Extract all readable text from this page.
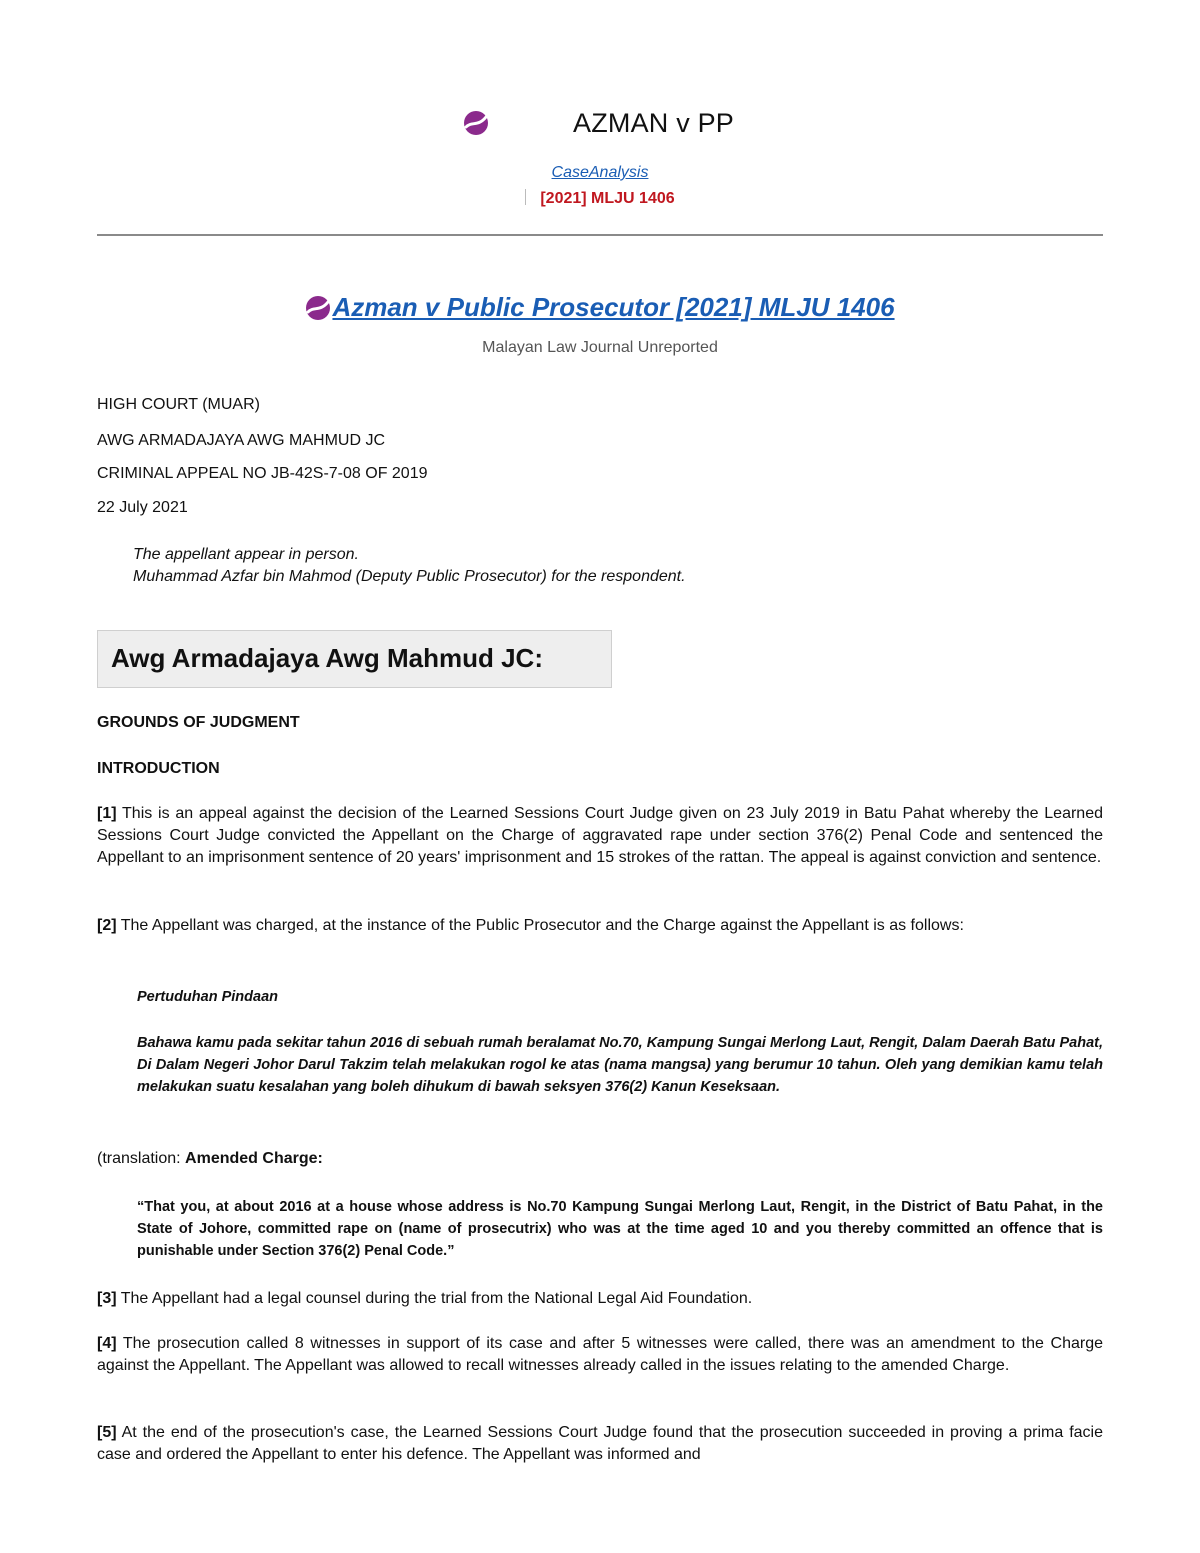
AZMAN v PP
CaseAnalysis
[2021] MLJU 1406
Azman v Public Prosecutor [2021] MLJU 1406
Malayan Law Journal Unreported
HIGH COURT (MUAR)
AWG ARMADAJAYA AWG MAHMUD JC
CRIMINAL APPEAL NO JB-42S-7-08 OF 2019
22 July 2021
The appellant appear in person.
Muhammad Azfar bin Mahmod (Deputy Public Prosecutor) for the respondent.
Awg Armadajaya Awg Mahmud JC:
GROUNDS OF JUDGMENT
INTRODUCTION
[1] This is an appeal against the decision of the Learned Sessions Court Judge given on 23 July 2019 in Batu Pahat whereby the Learned Sessions Court Judge convicted the Appellant on the Charge of aggravated rape under section 376(2) Penal Code and sentenced the Appellant to an imprisonment sentence of 20 years' imprisonment and 15 strokes of the rattan. The appeal is against conviction and sentence.
[2] The Appellant was charged, at the instance of the Public Prosecutor and the Charge against the Appellant is as follows:
Pertuduhan Pindaan
Bahawa kamu pada sekitar tahun 2016 di sebuah rumah beralamat No.70, Kampung Sungai Merlong Laut, Rengit, Dalam Daerah Batu Pahat, Di Dalam Negeri Johor Darul Takzim telah melakukan rogol ke atas (nama mangsa) yang berumur 10 tahun. Oleh yang demikian kamu telah melakukan suatu kesalahan yang boleh dihukum di bawah seksyen 376(2) Kanun Keseksaan.
(translation: Amended Charge:
“That you, at about 2016 at a house whose address is No.70 Kampung Sungai Merlong Laut, Rengit, in the District of Batu Pahat, in the State of Johore, committed rape on (name of prosecutrix) who was at the time aged 10 and you thereby committed an offence that is punishable under Section 376(2) Penal Code.”
[3] The Appellant had a legal counsel during the trial from the National Legal Aid Foundation.
[4] The prosecution called 8 witnesses in support of its case and after 5 witnesses were called, there was an amendment to the Charge against the Appellant. The Appellant was allowed to recall witnesses already called in the issues relating to the amended Charge.
[5] At the end of the prosecution's case, the Learned Sessions Court Judge found that the prosecution succeeded in proving a prima facie case and ordered the Appellant to enter his defence. The Appellant was informed and
